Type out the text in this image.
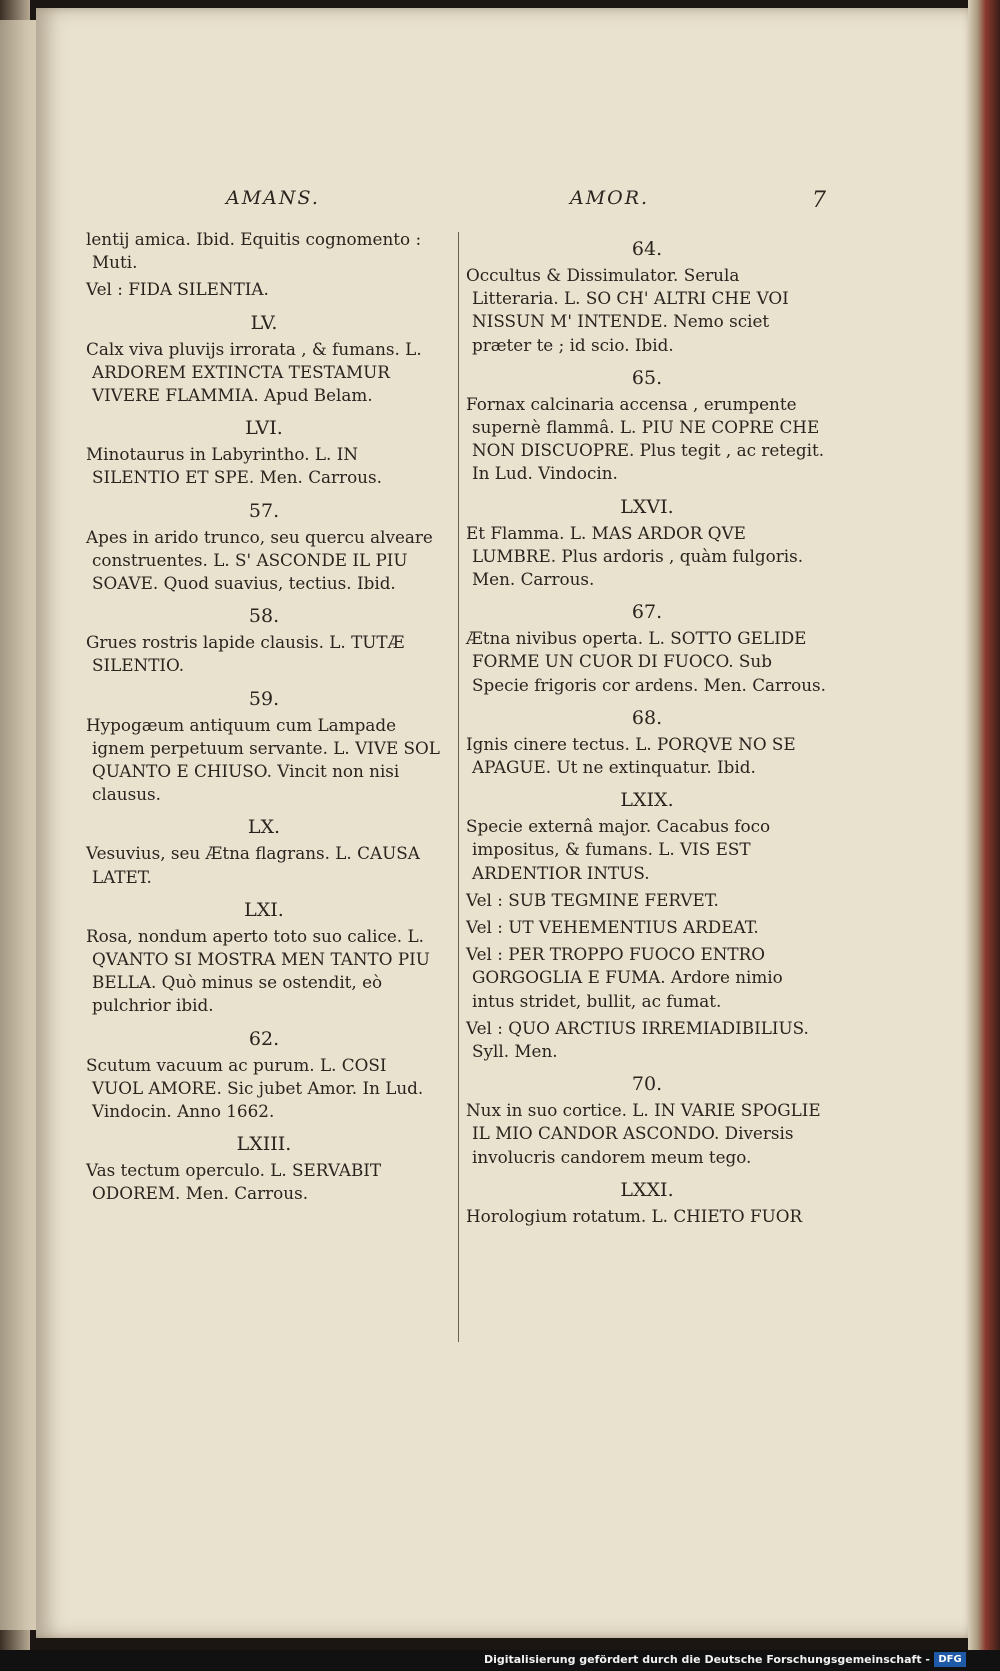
AMANS.	AMOR.	7
lentij amica. Ibid. Equitis cognomento : Muti.
Vel : FIDA SILENTIA.
LV.
Calx viva pluvijs irrorata , & fumans. L. ARDOREM EXTINCTA TESTAMUR VIVERE FLAMMIA. Apud Belam.
LVI.
Minotaurus in Labyrintho. L. IN SILENTIO ET SPE. Men. Carrous.
57.
Apes in arido trunco, seu quercu alveare construentes. L. S' ASCONDE IL PIU SOAVE. Quod suavius, tectius. Ibid.
58.
Grues rostris lapide clausis. L. TUTÆ SILENTIO.
59.
Hypogæum antiquum cum Lampade ignem perpetuum servante. L. VIVE SOL QUANTO E CHIUSO. Vincit non nisi clausus.
LX.
Vesuvius, seu Ætna flagrans. L. CAUSA LATET.
LXI.
Rosa, nondum aperto toto suo calice. L. QVANTO SI MOSTRA MEN TANTO PIU BELLA. Quò minus se ostendit, eò pulchrior ibid.
62.
Scutum vacuum ac purum. L. COSI VUOL AMORE. Sic jubet Amor. In Lud. Vindocin. Anno 1662.
LXIII.
Vas tectum operculo. L. SERVABIT ODOREM. Men. Carrous.
64.
Occultus & Dissimulator. Serula Litteraria. L. SO CH' ALTRI CHE VOI NISSUN M' INTENDE. Nemo sciet præter te ; id scio. Ibid.
65.
Fornax calcinaria accensa , erumpente supernè flammâ. L. PIU NE COPRE CHE NON DISCUOPRE. Plus tegit , ac retegit. In Lud. Vindocin.
LXVI.
Et Flamma. L. MAS ARDOR QVE LUMBRE. Plus ardoris , quàm fulgoris. Men. Carrous.
67.
Ætna nivibus operta. L. SOTTO GELIDE FORME UN CUOR DI FUOCO. Sub Specie frigoris cor ardens. Men. Carrous.
68.
Ignis cinere tectus. L. PORQVE NO SE APAGUE. Ut ne extinquatur. Ibid.
LXIX.
Specie externâ major. Cacabus foco impositus, & fumans. L. VIS EST ARDENTIOR INTUS.
Vel : SUB TEGMINE FERVET.
Vel : UT VEHEMENTIUS ARDEAT.
Vel : PER TROPPO FUOCO ENTRO GORGOGLIA E FUMA. Ardore nimio intus stridet, bullit, ac fumat.
Vel : QUO ARCTIUS IRREMIADIBILIUS. Syll. Men.
70.
Nux in suo cortice. L. IN VARIE SPOGLIE IL MIO CANDOR ASCONDO. Diversis involucris candorem meum tego.
LXXI.
Horologium rotatum. L. CHIETO FUOR
Digitalisierung gefördert durch die Deutsche Forschungsgemeinschaft - DFG
